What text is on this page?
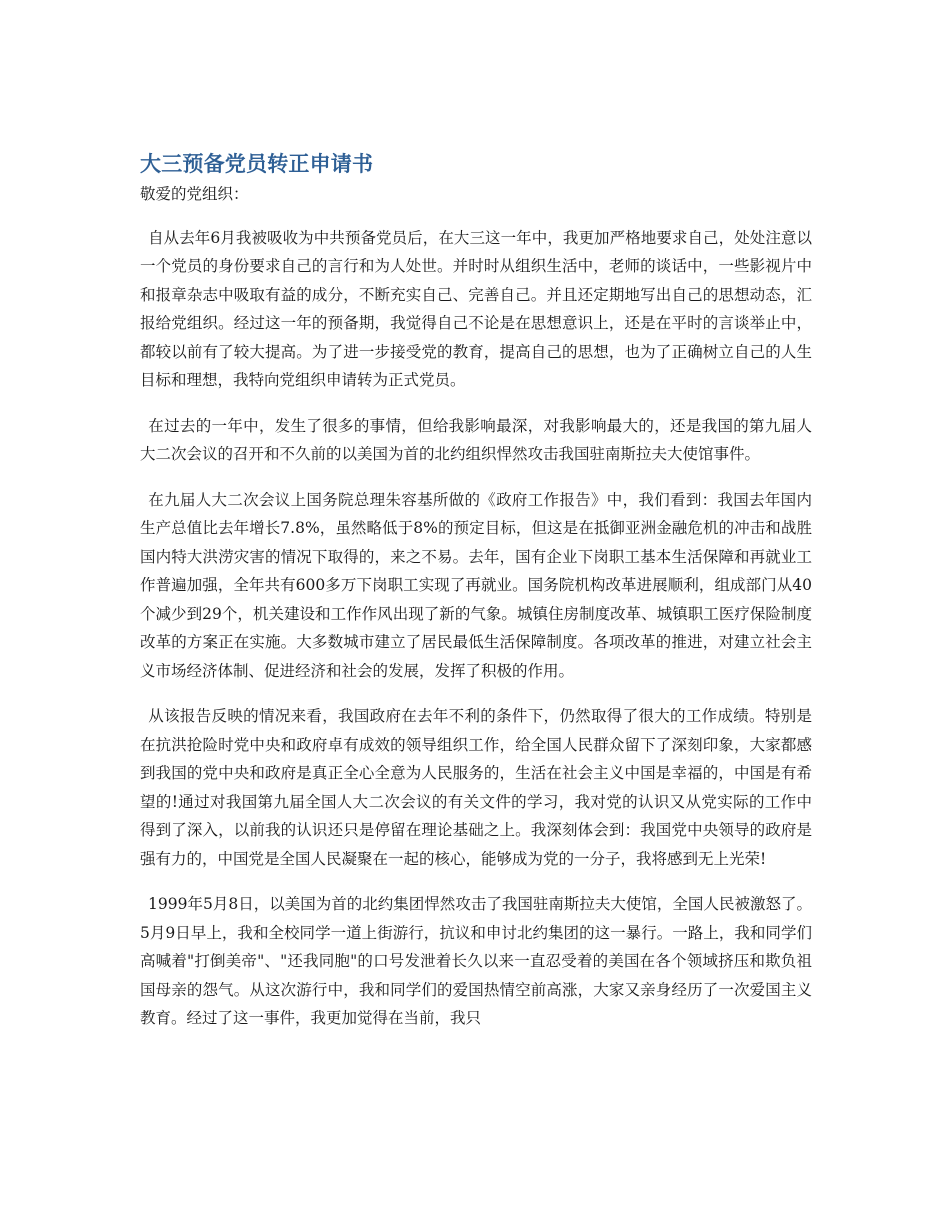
大三预备党员转正申请书

敬爱的党组织：

自从去年6月我被吸收为中共预备党员后，在大三这一年中，我更加严格地要求自己，处处注意以一个党员的身份要求自己的言行和为人处世。并时时从组织生活中，老师的谈话中，一些影视片中和报章杂志中吸取有益的成分，不断充实自己、完善自己。并且还定期地写出自己的思想动态，汇报给党组织。经过这一年的预备期，我觉得自己不论是在思想意识上，还是在平时的言谈举止中，都较以前有了较大提高。为了进一步接受党的教育，提高自己的思想，也为了正确树立自己的人生目标和理想，我特向党组织申请转为正式党员。

在过去的一年中，发生了很多的事情，但给我影响最深，对我影响最大的，还是我国的第九届人大二次会议的召开和不久前的以美国为首的北约组织悍然攻击我国驻南斯拉夫大使馆事件。

在九届人大二次会议上国务院总理朱容基所做的《政府工作报告》中，我们看到：我国去年国内生产总值比去年增长7.8%，虽然略低于8%的预定目标，但这是在抵御亚洲金融危机的冲击和战胜国内特大洪涝灾害的情况下取得的，来之不易。去年，国有企业下岗职工基本生活保障和再就业工作普遍加强，全年共有600多万下岗职工实现了再就业。国务院机构改革进展顺利，组成部门从40个减少到29个，机关建设和工作作风出现了新的气象。城镇住房制度改革、城镇职工医疗保险制度改革的方案正在实施。大多数城市建立了居民最低生活保障制度。各项改革的推进，对建立社会主义市场经济体制、促进经济和社会的发展，发挥了积极的作用。

从该报告反映的情况来看，我国政府在去年不利的条件下，仍然取得了很大的工作成绩。特别是在抗洪抢险时党中央和政府卓有成效的领导组织工作，给全国人民群众留下了深刻印象，大家都感到我国的党中央和政府是真正全心全意为人民服务的，生活在社会主义中国是幸福的，中国是有希望的!通过对我国第九届全国人大二次会议的有关文件的学习，我对党的认识又从党实际的工作中得到了深入，以前我的认识还只是停留在理论基础之上。我深刻体会到：我国党中央领导的政府是强有力的，中国党是全国人民凝聚在一起的核心，能够成为党的一分子，我将感到无上光荣!

1999年5月8日，以美国为首的北约集团悍然攻击了我国驻南斯拉夫大使馆，全国人民被激怒了。5月9日早上，我和全校同学一道上街游行，抗议和申讨北约集团的这一暴行。一路上，我和同学们高喊着"打倒美帝"、"还我同胞"的口号发泄着长久以来一直忍受着的美国在各个领域挤压和欺负祖国母亲的怨气。从这次游行中，我和同学们的爱国热情空前高涨，大家又亲身经历了一次爱国主义教育。经过了这一事件，我更加觉得在当前，我只
